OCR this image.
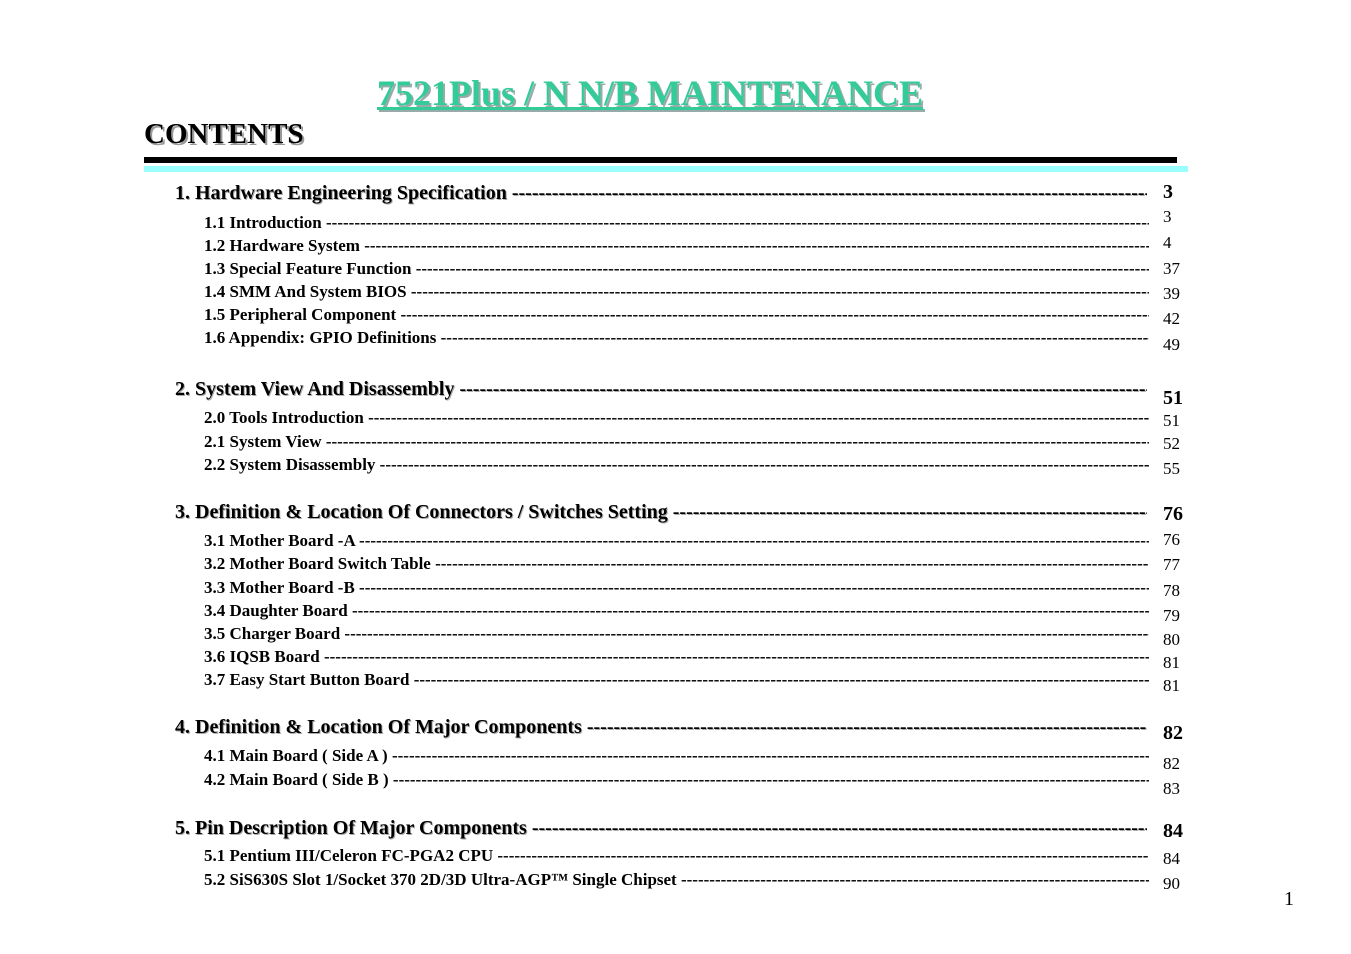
7521Plus / N N/B MAINTENANCE
CONTENTS
1. Hardware Engineering Specification -----	3
1.1 Introduction -----	3
1.2 Hardware System -----	4
1.3 Special Feature Function -----	37
1.4 SMM And System BIOS -----	39
1.5 Peripheral Component -----	42
1.6 Appendix: GPIO Definitions -----	49
2. System View And Disassembly -----	51
2.0 Tools Introduction -----	51
2.1 System View -----	52
2.2 System Disassembly -----	55
3. Definition & Location Of Connectors / Switches Setting -----	76
3.1 Mother Board -A -----	76
3.2 Mother Board Switch Table -----	77
3.3 Mother Board -B -----	78
3.4 Daughter Board -----	79
3.5 Charger Board -----	80
3.6 IQSB Board -----	81
3.7 Easy Start Button Board -----	81
4. Definition & Location Of Major Components -----	82
4.1 Main Board ( Side A ) -----	82
4.2 Main Board ( Side B ) -----	83
5. Pin Description Of Major Components -----	84
5.1 Pentium III/Celeron FC-PGA2 CPU -----	84
5.2 SiS630S Slot 1/Socket 370 2D/3D Ultra-AGP™ Single Chipset -----	90
1
